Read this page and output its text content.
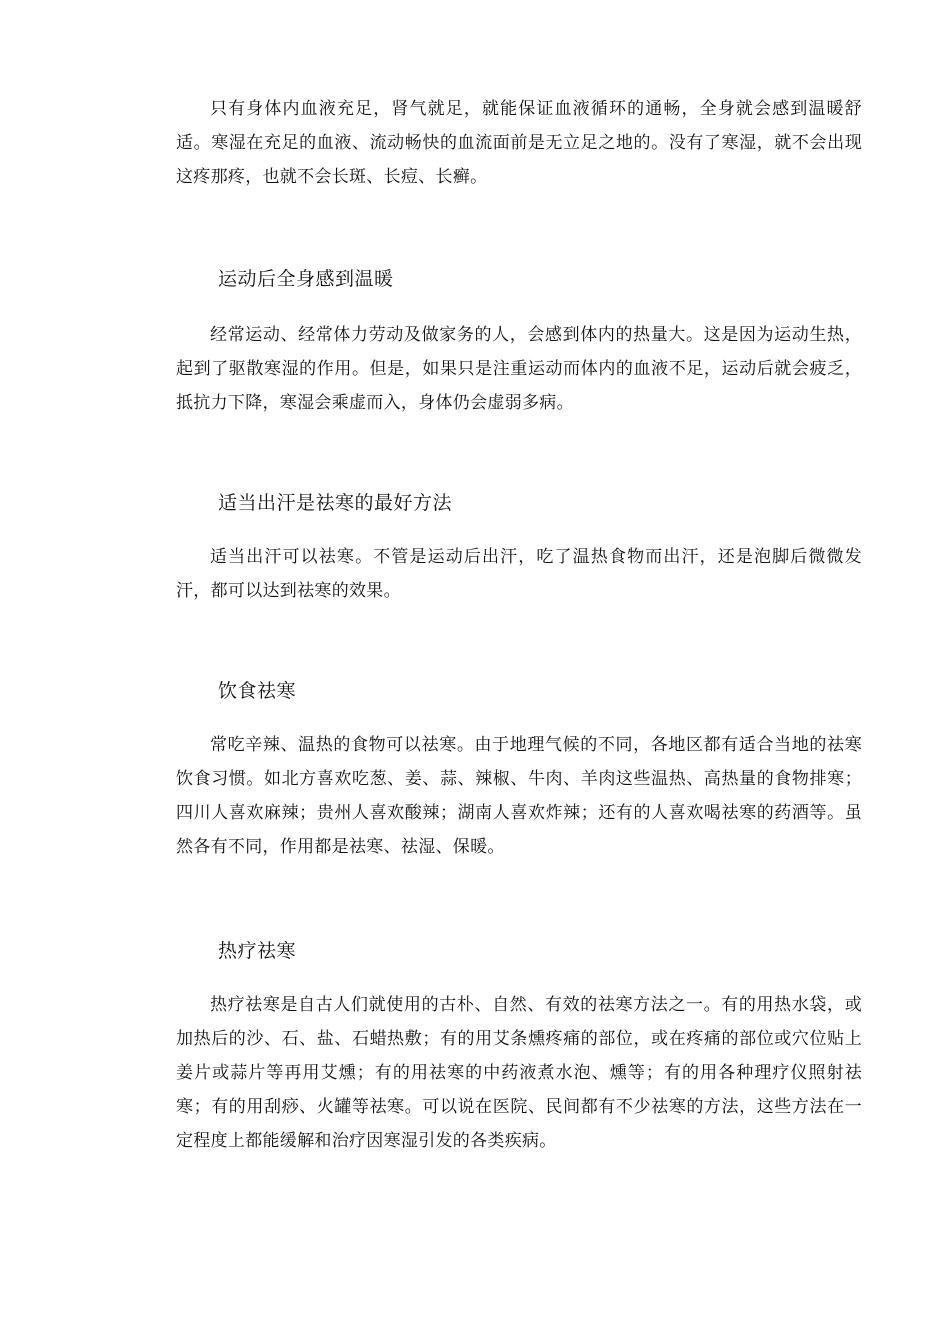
只有身体内血液充足，肾气就足，就能保证血液循环的通畅，全身就会感到温暖舒适。寒湿在充足的血液、流动畅快的血流面前是无立足之地的。没有了寒湿，就不会出现这疼那疼，也就不会长斑、长痘、长癣。

运动后全身感到温暖

经常运动、经常体力劳动及做家务的人，会感到体内的热量大。这是因为运动生热，起到了驱散寒湿的作用。但是，如果只是注重运动而体内的血液不足，运动后就会疲乏，抵抗力下降，寒湿会乘虚而入，身体仍会虚弱多病。

适当出汗是祛寒的最好方法

适当出汗可以祛寒。不管是运动后出汗，吃了温热食物而出汗，还是泡脚后微微发汗，都可以达到祛寒的效果。

饮食祛寒

常吃辛辣、温热的食物可以祛寒。由于地理气候的不同，各地区都有适合当地的祛寒饮食习惯。如北方喜欢吃葱、姜、蒜、辣椒、牛肉、羊肉这些温热、高热量的食物排寒；四川人喜欢麻辣；贵州人喜欢酸辣；湖南人喜欢炸辣；还有的人喜欢喝祛寒的药酒等。虽然各有不同，作用都是祛寒、祛湿、保暖。

热疗祛寒

热疗祛寒是自古人们就使用的古朴、自然、有效的祛寒方法之一。有的用热水袋，或加热后的沙、石、盐、石蜡热敷；有的用艾条燻疼痛的部位，或在疼痛的部位或穴位贴上姜片或蒜片等再用艾燻；有的用祛寒的中药液煮水泡、燻等；有的用各种理疗仪照射祛寒；有的用刮痧、火罐等祛寒。可以说在医院、民间都有不少祛寒的方法，这些方法在一定程度上都能缓解和治疗因寒湿引发的各类疾病。
